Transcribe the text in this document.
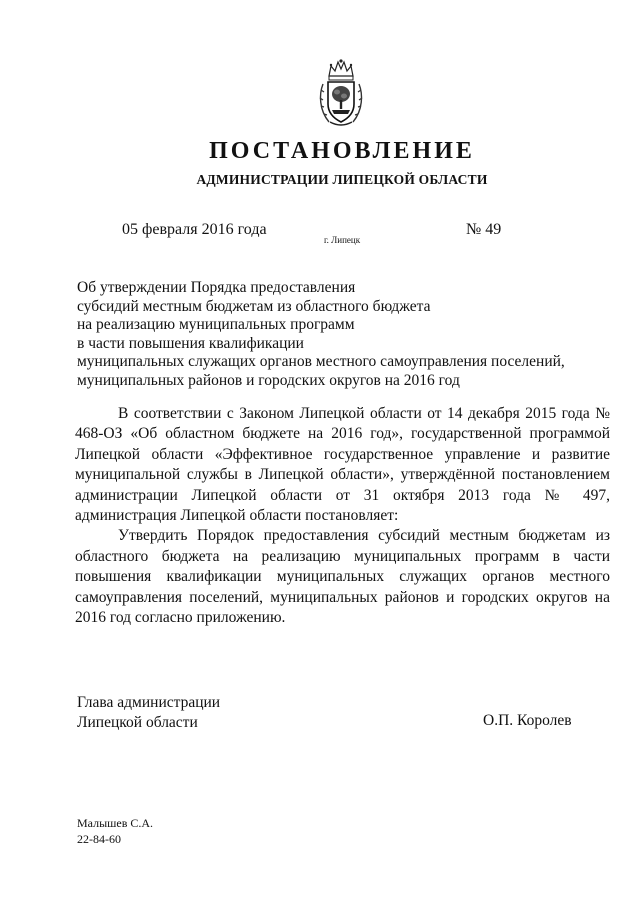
ПОСТАНОВЛЕНИЕ
АДМИНИСТРАЦИИ ЛИПЕЦКОЙ ОБЛАСТИ
05 февраля 2016 года
г. Липецк
№ 49
Об утверждении Порядка предоставления
субсидий местным бюджетам из областного бюджета
на реализацию муниципальных программ
в части повышения квалификации
муниципальных служащих органов местного самоуправления поселений,
муниципальных районов и городских округов на 2016 год

В соответствии с Законом Липецкой области от 14 декабря 2015 года № 468-ОЗ «Об областном бюджете на 2016 год», государственной программой Липецкой области «Эффективное государственное управление и развитие муниципальной службы в Липецкой области», утверждённой постановлением администрации Липецкой области от 31 октября 2013 года № 497, администрация Липецкой области постановляет:

Утвердить Порядок предоставления субсидий местным бюджетам из областного бюджета на реализацию муниципальных программ в части повышения квалификации муниципальных служащих органов местного самоуправления поселений, муниципальных районов и городских округов на 2016 год согласно приложению.

Глава администрации
Липецкой области	О.П. Королев
Малышев С.А.
22-84-60
